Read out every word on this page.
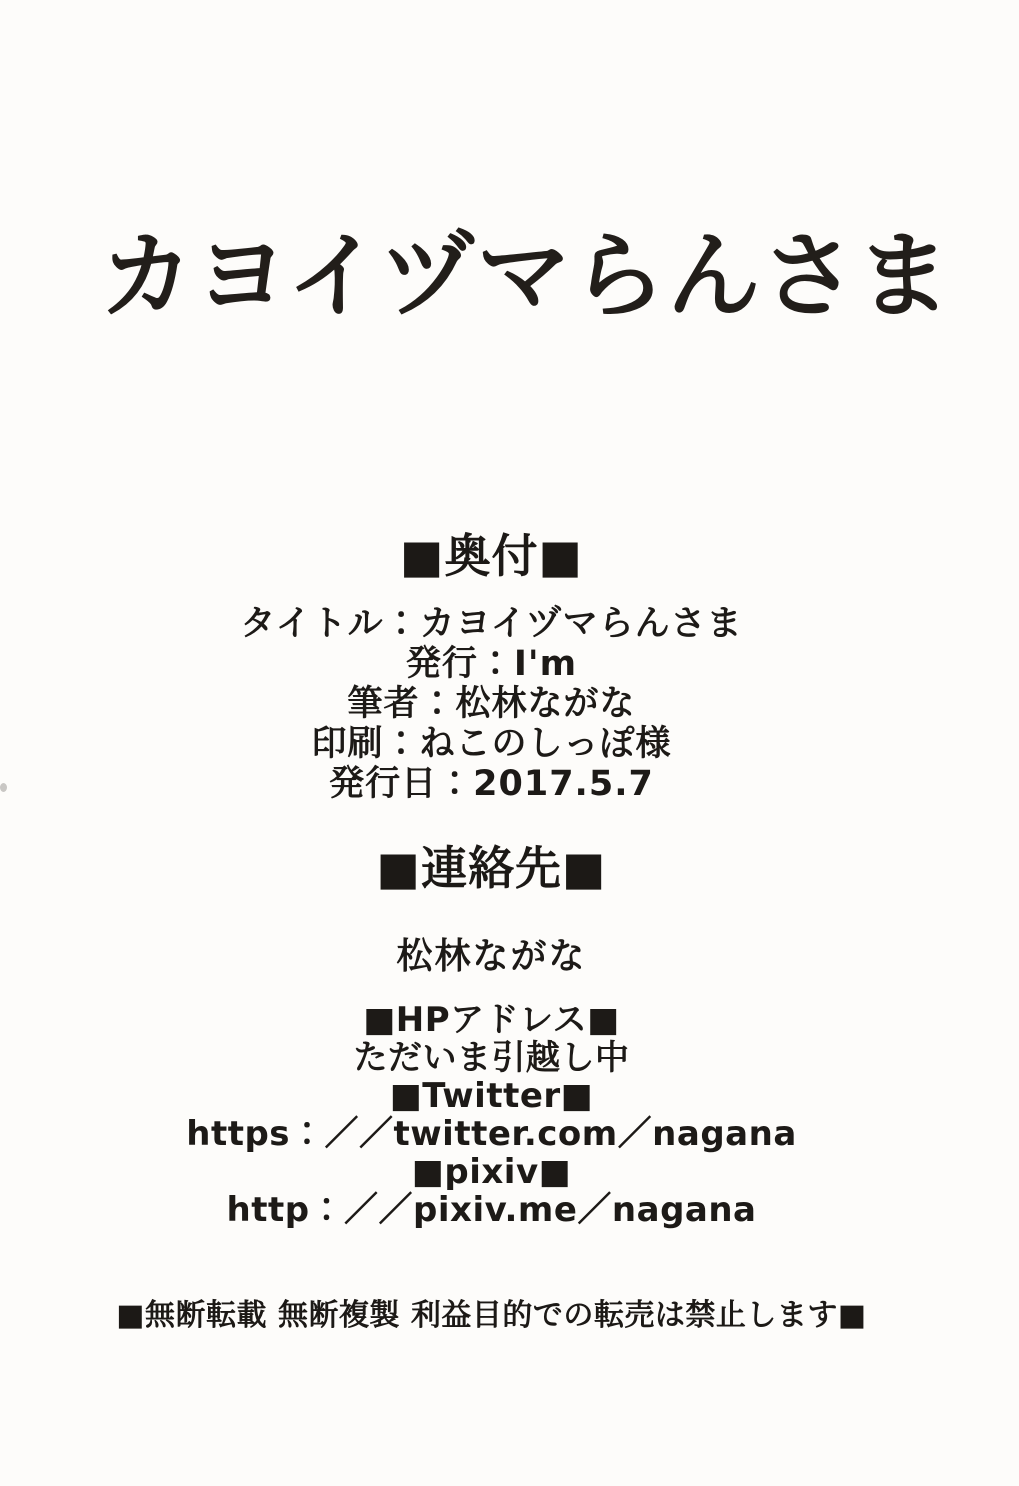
カヨイヅマらんさま
■奥付■

タイトル：カヨイヅマらんさま

発行：I'm

筆者：松林ながな

印刷：ねこのしっぽ様

発行日：2017.5.7

■連絡先■

松林ながな

■HPアドレス■

ただいま引越し中

■Twitter■

https：／／twitter.com／nagana

■pixiv■

http：／／pixiv.me／nagana

■無断転載 無断複製 利益目的での転売は禁止します■
